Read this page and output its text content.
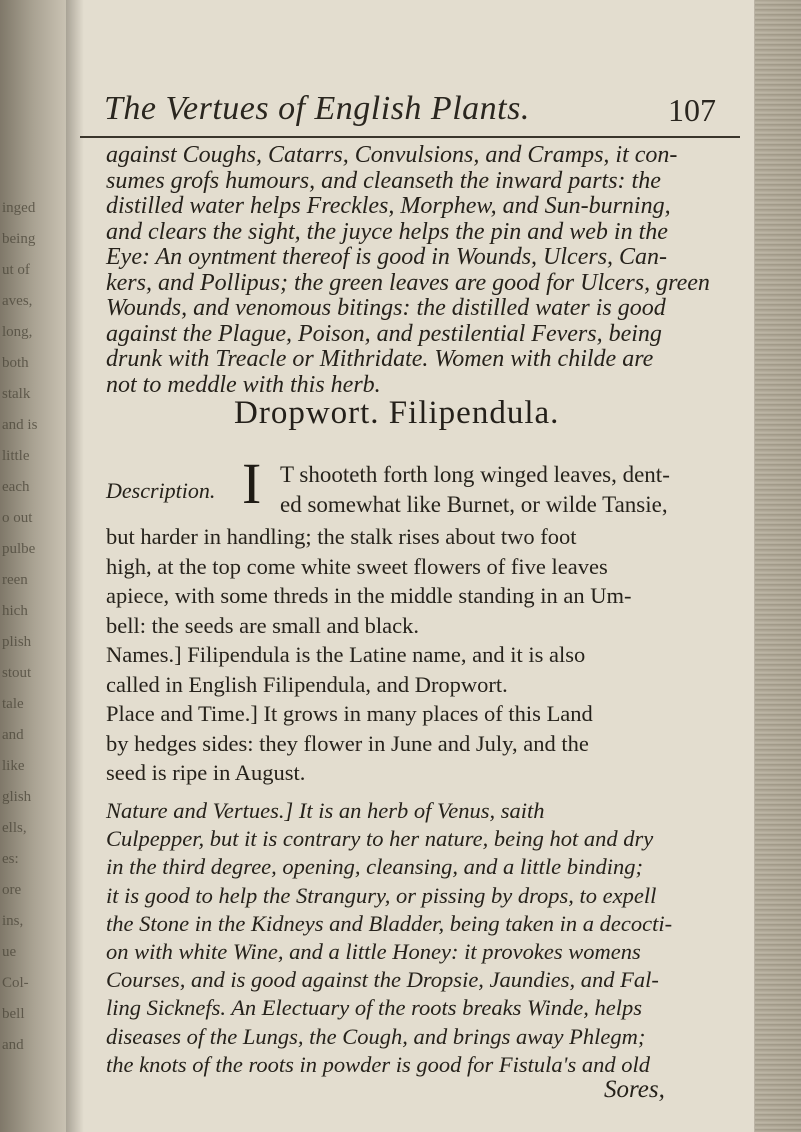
inged
being
ut of
aves,
long,
both
stalk
and is
little
each
o out
pulbe
reen
hich
plish
stout
tale
and
like
glish
ells,
es:
ore
ins,
ue
Col-
bell
and
The Vertues of English Plants.	107
against Coughs, Catarrs, Convulsions, and Cramps, it con-
sumes grofs humours, and cleanseth the inward parts: the
distilled water helps Freckles, Morphew, and Sun-burning,
and clears the sight, the juyce helps the pin and web in the
Eye: An oyntment thereof is good in Wounds, Ulcers, Can-
kers, and Pollipus; the green leaves are good for Ulcers, green
Wounds, and venomous bitings: the distilled water is good
against the Plague, Poison, and pestilential Fevers, being
drunk with Treacle or Mithridate. Women with childe are
not to meddle with this herb.
Dropwort. Filipendula.
Description. I T shooteth forth long winged leaves, dent-
ed somewhat like Burnet, or wilde Tansie,
but harder in handling; the stalk rises about two foot
high, at the top come white sweet flowers of five leaves
apiece, with some threds in the middle standing in an Um-
bell: the seeds are small and black.
Names.] Filipendula is the Latine name, and it is also
called in English Filipendula, and Dropwort.
Place and Time.] It grows in many places of this Land
by hedges sides: they flower in June and July, and the
seed is ripe in August.
Nature and Vertues.] It is an herb of Venus, saith
Culpepper, but it is contrary to her nature, being hot and dry
in the third degree, opening, cleansing, and a little binding;
it is good to help the Strangury, or pissing by drops, to expell
the Stone in the Kidneys and Bladder, being taken in a decocti-
on with white Wine, and a little Honey: it provokes womens
Courses, and is good against the Dropsie, Jaundies, and Fal-
ling Sicknefs. An Electuary of the roots breaks Winde, helps
diseases of the Lungs, the Cough, and brings away Phlegm;
the knots of the roots in powder is good for Fistula's and old
Sores,
